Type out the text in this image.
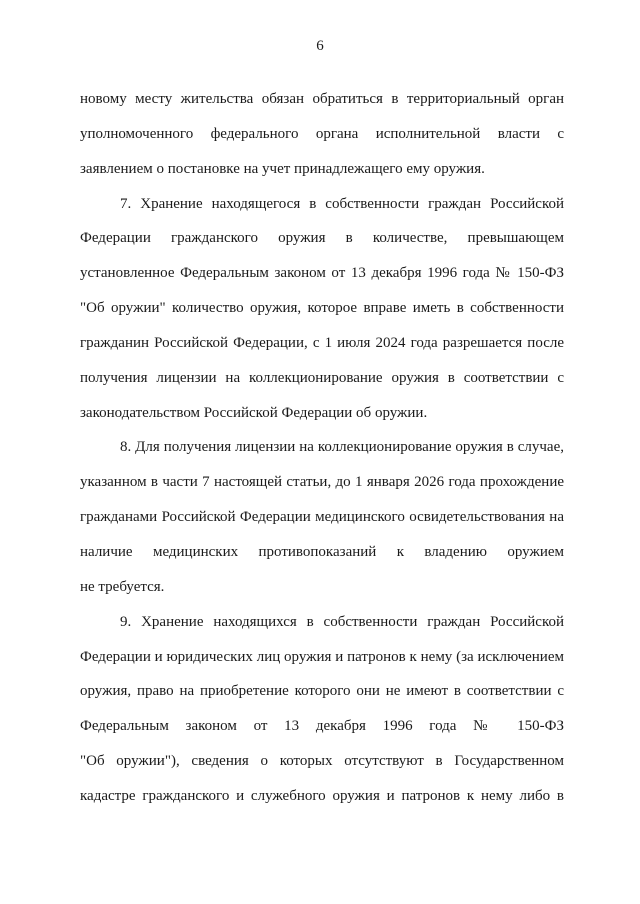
6
новому месту жительства обязан обратиться в территориальный орган
уполномоченного федерального органа исполнительной власти с
заявлением о постановке на учет принадлежащего ему оружия.
7. Хранение находящегося в собственности граждан Российской
Федерации гражданского оружия в количестве, превышающем
установленное Федеральным законом от 13 декабря 1996 года № 150-ФЗ
"Об оружии" количество оружия, которое вправе иметь в собственности
гражданин Российской Федерации, с 1 июля 2024 года разрешается после
получения лицензии на коллекционирование оружия в соответствии с
законодательством Российской Федерации об оружии.
8. Для получения лицензии на коллекционирование оружия в случае,
указанном в части 7 настоящей статьи, до 1 января 2026 года прохождение
гражданами Российской Федерации медицинского освидетельствования на
наличие медицинских противопоказаний к владению оружием
не требуется.
9. Хранение находящихся в собственности граждан Российской
Федерации и юридических лиц оружия и патронов к нему (за исключением
оружия, право на приобретение которого они не имеют в соответствии с
Федеральным законом от 13 декабря 1996 года № 150-ФЗ
"Об оружии"), сведения о которых отсутствуют в Государственном
кадастре гражданского и служебного оружия и патронов к нему либо в
